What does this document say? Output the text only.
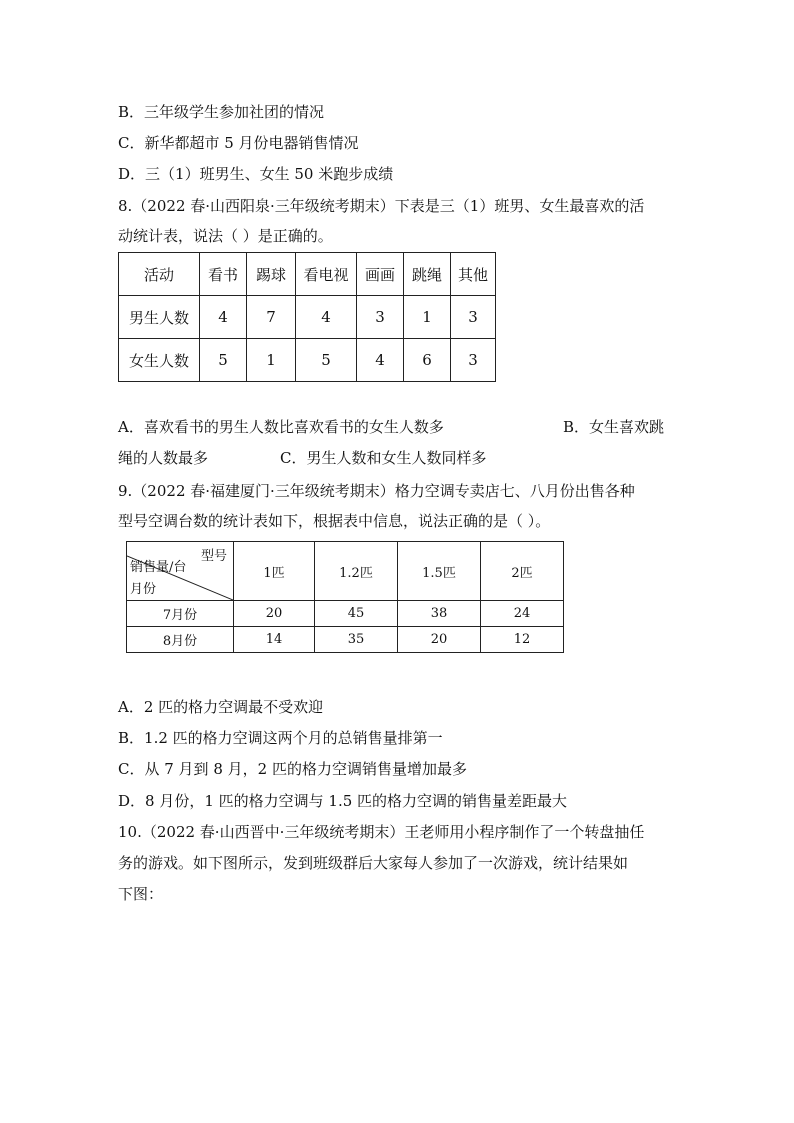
B．三年级学生参加社团的情况
C．新华都超市 5 月份电器销售情况
D．三（1）班男生、女生 50 米跑步成绩
8.（2022 春·山西阳泉·三年级统考期末）下表是三（1）班男、女生最喜欢的活
动统计表，说法（ ）是正确的。
活动	看书	踢球	看电视	画画	跳绳	其他
男生人数	4	7	4	3	1	3
女生人数	5	1	5	4	6	3
A．喜欢看书的男生人数比喜欢看书的女生人数多	B．女生喜欢跳
绳的人数最多	C．男生人数和女生人数同样多
9.（2022 春·福建厦门·三年级统考期末）格力空调专卖店七、八月份出售各种
型号空调台数的统计表如下，根据表中信息，说法正确的是（ ）。
型号
销售量/台
月份	1匹	1.2匹	1.5匹	2匹
7月份	20	45	38	24
8月份	14	35	20	12
A．2 匹的格力空调最不受欢迎
B．1.2 匹的格力空调这两个月的总销售量排第一
C．从 7 月到 8 月，2 匹的格力空调销售量增加最多
D．8 月份，1 匹的格力空调与 1.5 匹的格力空调的销售量差距最大
10.（2022 春·山西晋中·三年级统考期末）王老师用小程序制作了一个转盘抽任
务的游戏。如下图所示，发到班级群后大家每人参加了一次游戏，统计结果如
下图：
